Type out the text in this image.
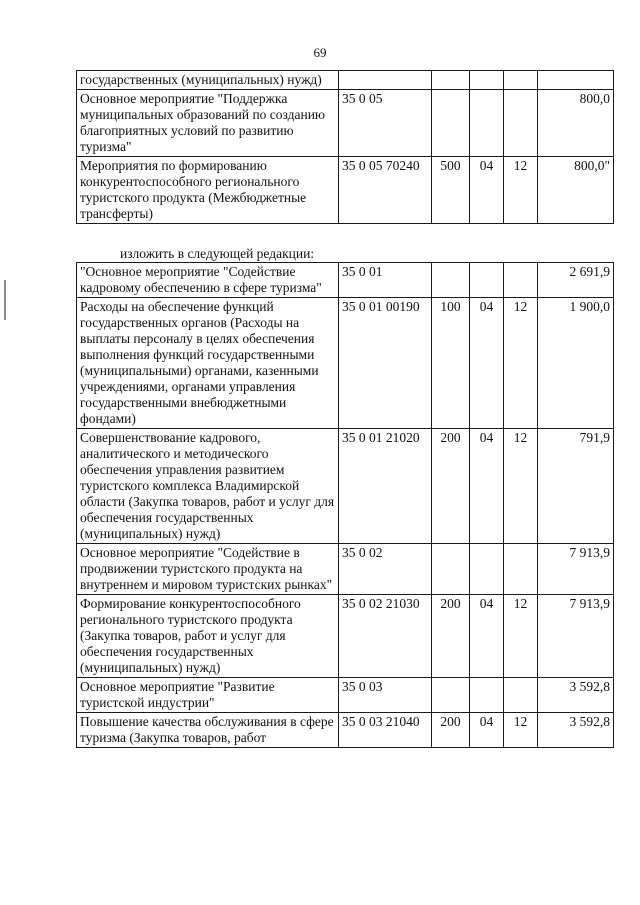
69
государственных (муниципальных) нужд)					
Основное мероприятие "Поддержка муниципальных образований по созданию благоприятных условий по развитию туризма"	35 0 05				800,0
Мероприятия по формированию конкурентоспособного регионального туристского продукта (Межбюджетные трансферты)	35 0 05 70240	500	04	12	800,0"
изложить в следующей редакции:
"Основное мероприятие "Содействие кадровому обеспечению в сфере туризма"	35 0 01				2 691,9
Расходы на обеспечение функций государственных органов (Расходы на выплаты персоналу в целях обеспечения выполнения функций государственными (муниципальными) органами, казенными учреждениями, органами управления государственными внебюджетными фондами)	35 0 01 00190	100	04	12	1 900,0
Совершенствование кадрового, аналитического и методического обеспечения управления развитием туристского комплекса Владимирской области (Закупка товаров, работ и услуг для обеспечения государственных (муниципальных) нужд)	35 0 01 21020	200	04	12	791,9
Основное мероприятие "Содействие в продвижении туристского продукта на внутреннем и мировом туристских рынках"	35 0 02				7 913,9
Формирование конкурентоспособного регионального туристского продукта (Закупка товаров, работ и услуг для обеспечения государственных (муниципальных) нужд)	35 0 02 21030	200	04	12	7 913,9
Основное мероприятие "Развитие туристской индустрии"	35 0 03				3 592,8
Повышение качества обслуживания в сфере туризма (Закупка товаров, работ	35 0 03 21040	200	04	12	3 592,8
